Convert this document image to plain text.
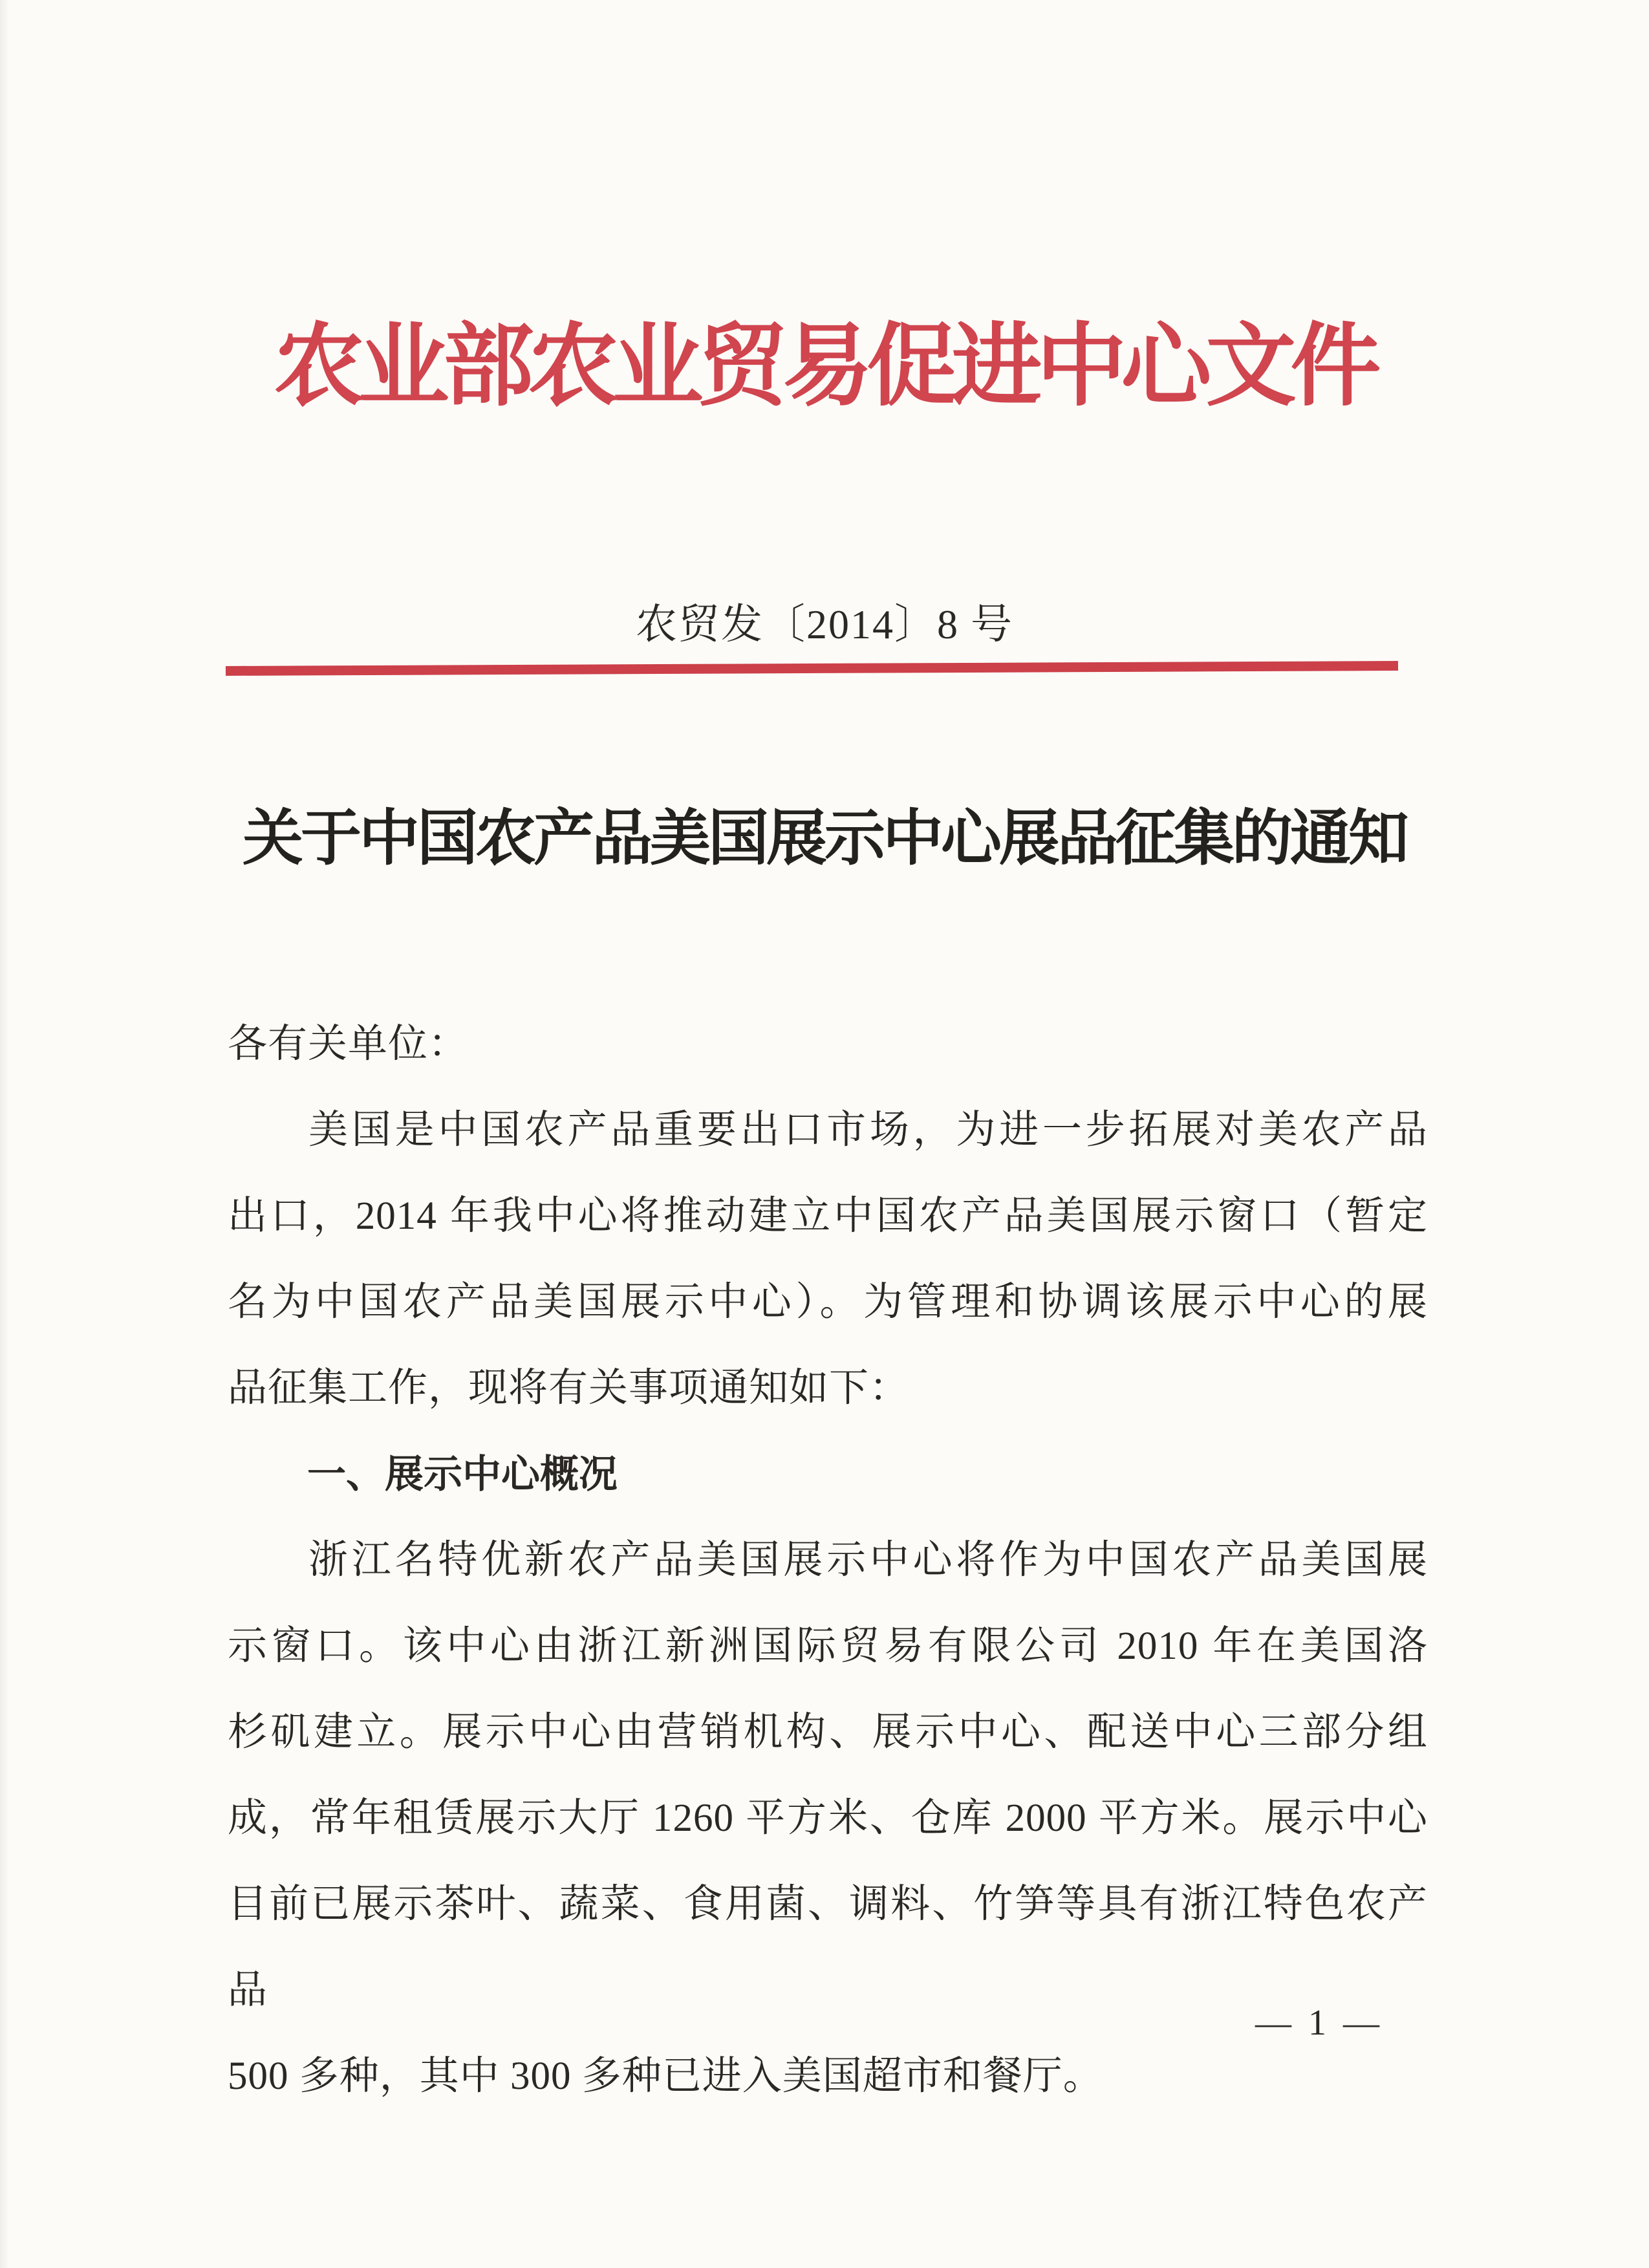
农业部农业贸易促进中心文件
农贸发〔2014〕8 号
关于中国农产品美国展示中心展品征集的通知
各有关单位：
美国是中国农产品重要出口市场，为进一步拓展对美农产品
出口，2014 年我中心将推动建立中国农产品美国展示窗口（暂定
名为中国农产品美国展示中心）。为管理和协调该展示中心的展
品征集工作，现将有关事项通知如下：
一、展示中心概况
浙江名特优新农产品美国展示中心将作为中国农产品美国展
示窗口。该中心由浙江新洲国际贸易有限公司 2010 年在美国洛
杉矶建立。展示中心由营销机构、展示中心、配送中心三部分组
成，常年租赁展示大厅 1260 平方米、仓库 2000 平方米。展示中心
目前已展示茶叶、蔬菜、食用菌、调料、竹笋等具有浙江特色农产品
500 多种，其中 300 多种已进入美国超市和餐厅。
— 1 —
